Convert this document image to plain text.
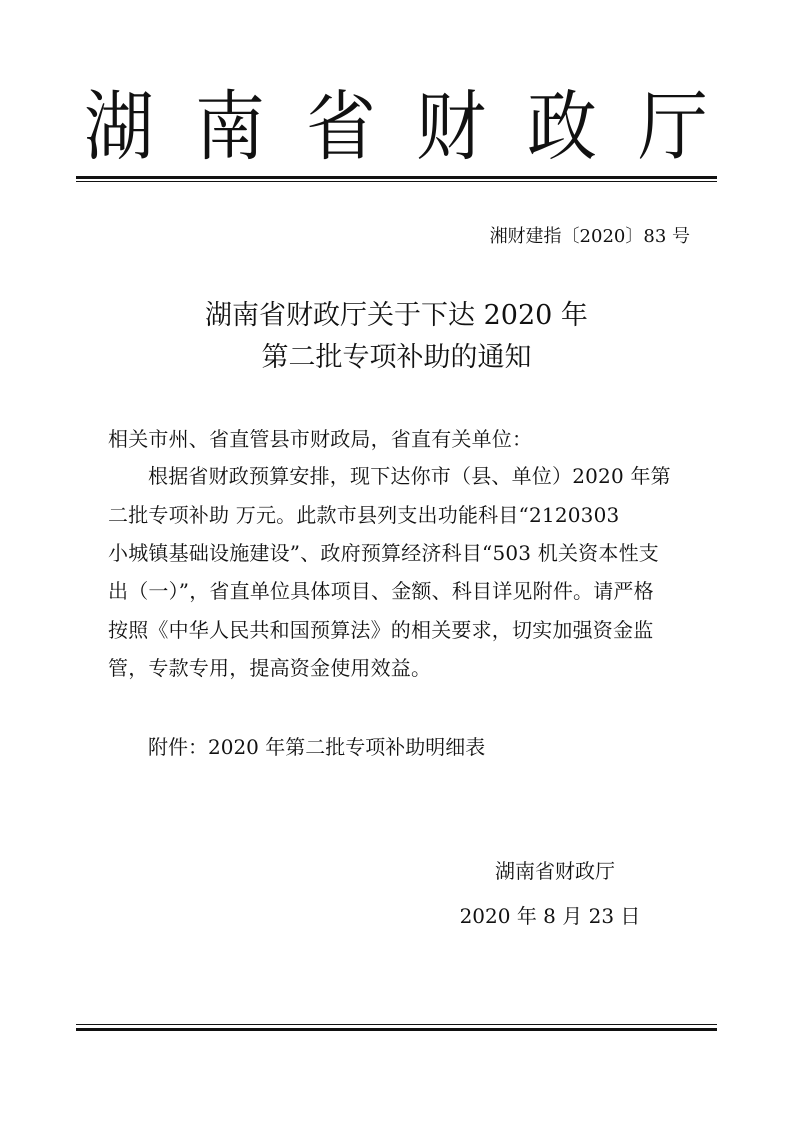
湖 南 省 财 政 厅
湘财建指〔2020〕83 号
湖南省财政厅关于下达 2020 年
第二批专项补助的通知
相关市州、省直管县市财政局，省直有关单位：
根据省财政预算安排，现下达你市（县、单位）2020 年第
二批专项补助 万元。此款市县列支出功能科目“2120303
小城镇基础设施建设”、政府预算经济科目“503 机关资本性支
出（一）”，省直单位具体项目、金额、科目详见附件。请严格
按照《中华人民共和国预算法》的相关要求，切实加强资金监
管，专款专用，提高资金使用效益。
附件：2020 年第二批专项补助明细表
湖南省财政厅
2020 年 8 月 23 日
